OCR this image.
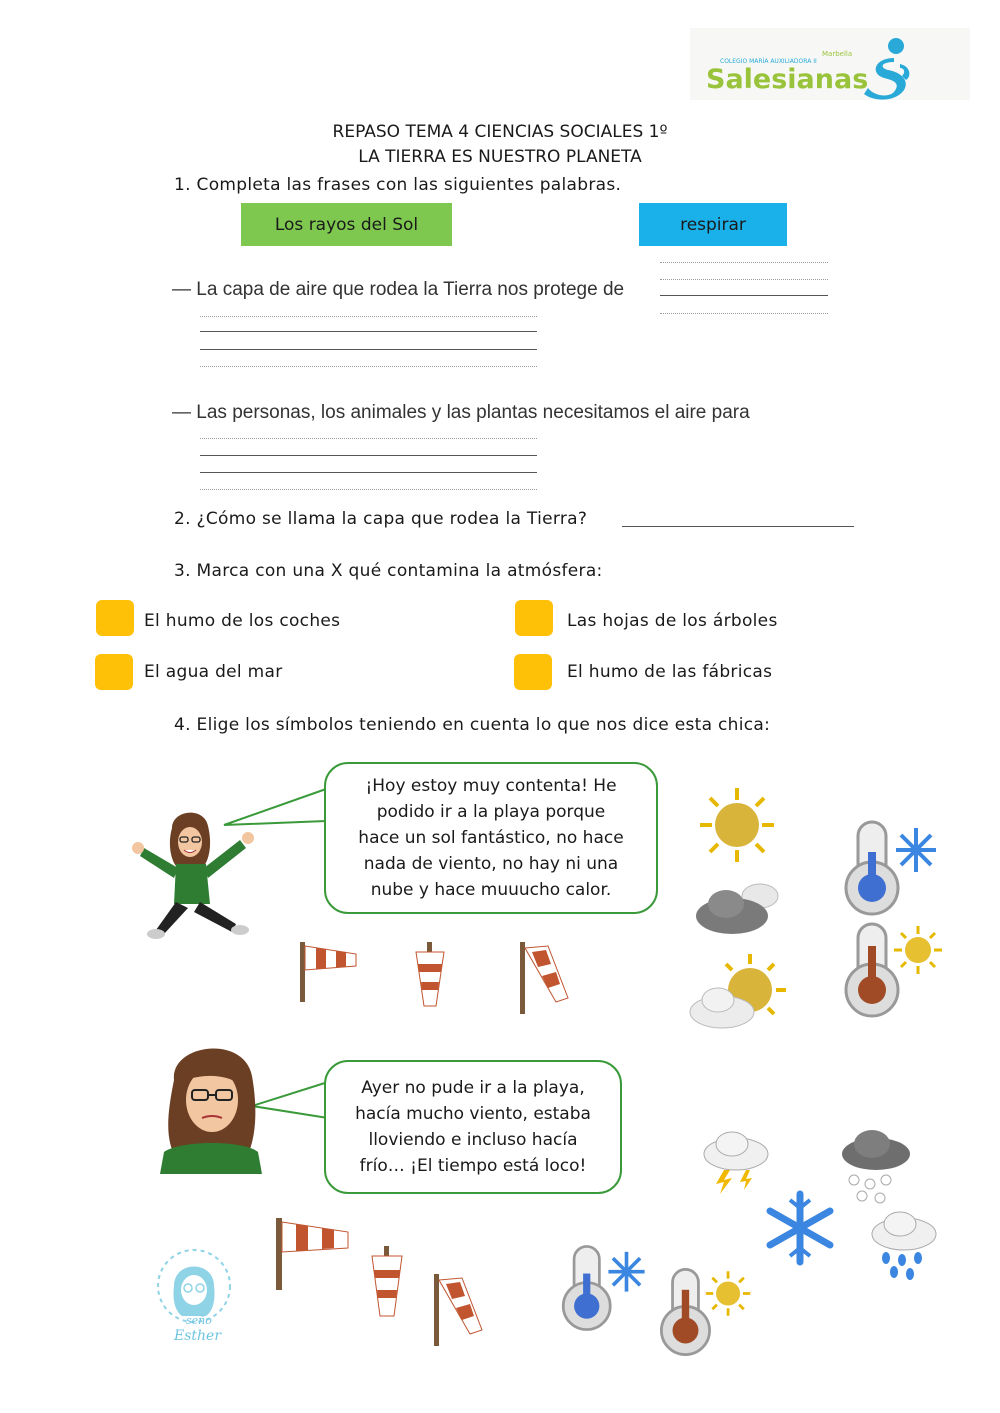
Marbella
COLEGIO MARÍA AUXILIADORA II
Salesianas
REPASO TEMA 4 CIENCIAS SOCIALES 1º
LA TIERRA ES NUESTRO PLANETA
1. Completa las frases con las siguientes palabras.
Los rayos del Sol	respirar
— La capa de aire que rodea la Tierra nos protege de
— Las personas, los animales y las plantas necesitamos el aire para
2. ¿Cómo se llama la capa que rodea la Tierra?
3. Marca con una X qué contamina la atmósfera:
El humo de los coches	Las hojas de los árboles
El agua del mar	El humo de las fábricas
4. Elige los símbolos teniendo en cuenta lo que nos dice esta chica:
¡Hoy estoy muy contenta! He
podido ir a la playa porque
hace un sol fantástico, no hace
nada de viento, no hay ni una
nube y hace muuucho calor.
Ayer no pude ir a la playa,
hacía mucho viento, estaba
lloviendo e incluso hacía
frío… ¡El tiempo está loco!
seño
Esther
